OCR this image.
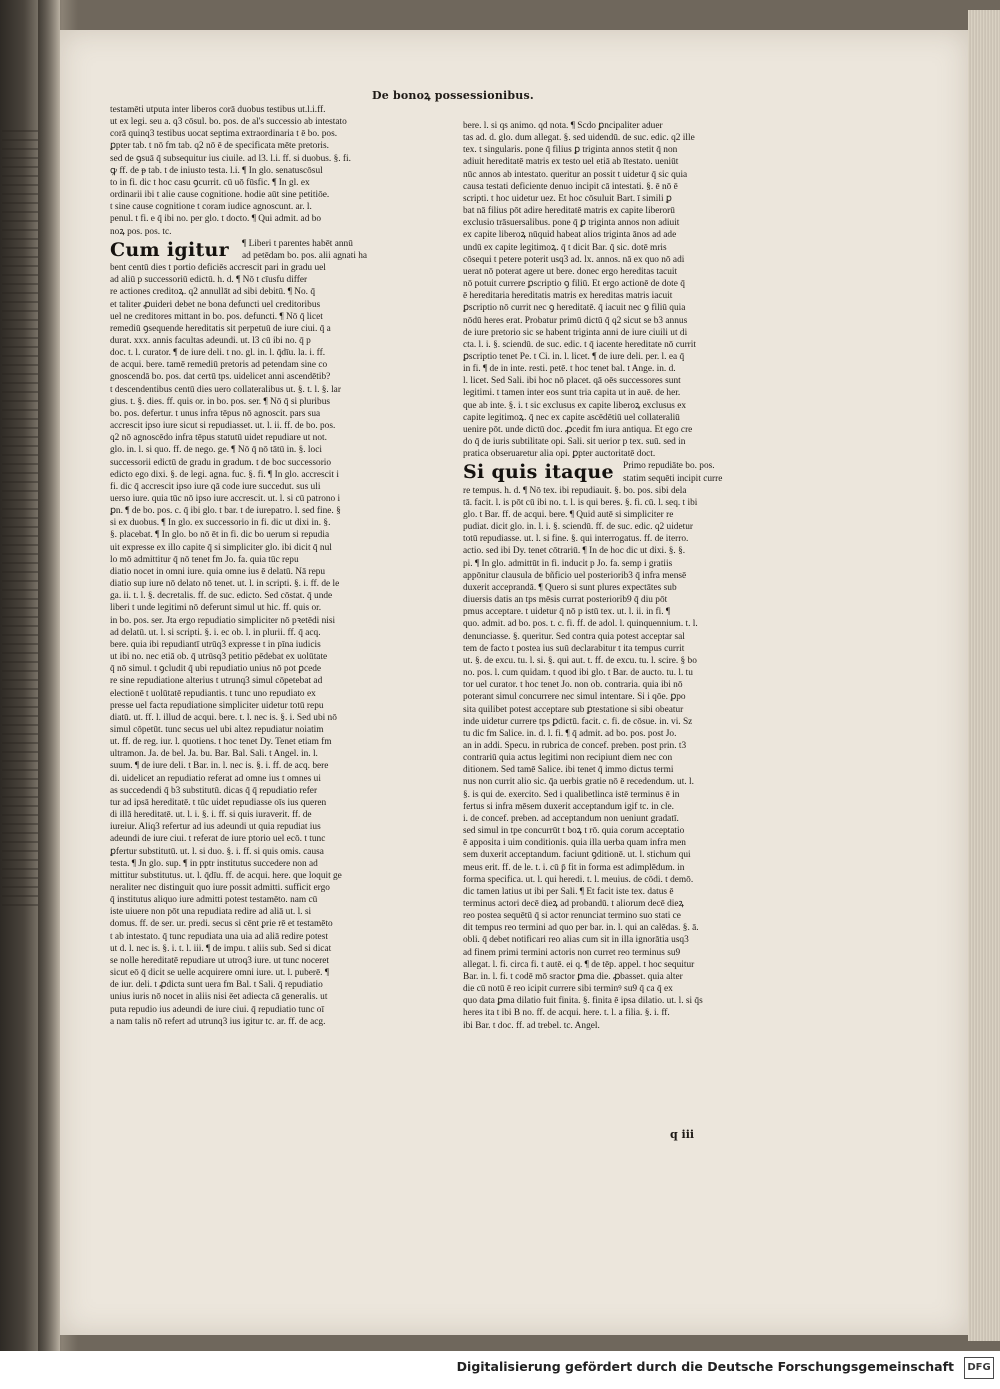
De bonoꝝ possessionibus.
testamēti utputa inter liberos corā duobus testibus ut.l.i.ff.
ut ex legi. seu a. q3 cōsul. bo. pos. de al's successio ab intestato
corā quinq3 testibus uocat septima extraordinaria t ē bo. pos.
ꝑpter tab. t nō fm tab. q2 nō ē de specificata mēte pretoris.
sed de ꝯsuā q̄ subsequitur ius ciuile. ad l3. l.i. ff. si duobus. §. fi.
ꝙ ff. de ᵽ tab. t de iniusto testa. l.i. ¶ In glo. senatuscōsul
to in fi. dic t hoc casu ꝯcurrit. cū uō fūsfic. ¶ In gl. ex
ordinarii ibi t alie cause cognitione. hodie aūt sine petitiōe.
t sine cause cognitione t coram iudice agnoscunt. ar. l.
penul. t fi. e q̄ ibi no. per glo. t docto. ¶ Qui admit. ad bo
noꝝ pos. pos. tc.
Cum igitur ¶ Liberi t parentes habēt annū
ad petēdam bo. pos. alii agnati ha
bent centū dies t portio deficiēs accrescit pari in gradu uel
ad aliū p successoriū edictū. h. d. ¶ Nō t cīusfu differ
re actiones creditoꝝ. q2 annullāt ad sibi debitū. ¶ No. q̄
et taliter ꝓuideri debet ne bona defuncti uel creditoribus
uel ne creditores mittant in bo. pos. defuncti. ¶ Nō q̄ licet
remediū ꝯsequende hereditatis sit perpetuū de iure ciui. q̄ a
durat. xxx. annis facultas adeundi. ut. l3 cū ibi no. q̄ p
doc. t. l. curator. ¶ de iure deli. t no. gl. in. l. q̄dīu. la. i. ff.
de acqui. bere. tamē remediū pretoris ad petendam sine co
gnoscendā bo. pos. dat certū tps. uidelicet anni ascendētib?
t descendentibus centū dies uero collateralibus ut. §. t. l. §. lar
gius. t. §. dies. ff. quis or. in bo. pos. ser. ¶ Nō q̄ si pluribus
bo. pos. defertur. t unus infra tēpus nō agnoscit. pars sua
accrescit ipso iure sicut si repudiasset. ut. l. ii. ff. de bo. pos.
q2 nō agnoscēdo infra tēpus statutū uidet repudiare ut not.
glo. in. l. si quo. ff. de nego. ge. ¶ Nō q̄ nō tātū in. §. loci
successorii edictū de gradu in gradum. t de boc successorio
edicto ego dixi. §. de legi. agna. fuc. §. fi. ¶ In glo. accrescit i
fi. dic q̄ accrescit ipso iure qā code iure succedut. sus uli
uerso iure. quia tūc nō ipso iure accrescit. ut. l. si cū patrono i
ꝑn. ¶ de bo. pos. c. q̄ ibi glo. t bar. t de iurepatro. l. sed fine. §
si ex duobus. ¶ In glo. ex successorio in fi. dic ut dixi in. §.
§. placebat. ¶ In glo. bo nō ēt in fi. dic bo uerum si repudia
uit expresse ex illo capite q̄ si simpliciter glo. ibi dicit q̄ nul
lo mō admittitur q̄ nō tenet fm Jo. fa. quia tūc repu
diatio nocet in omni iure. quia omne ius ē delatū. Nā repu
diatio sup iure nō delato nō tenet. ut. l. in scripti. §. i. ff. de le
ga. ii. t. l. §. decretalis. ff. de suc. edicto. Sed cōstat. q̄ unde
liberi t unde legitimi nō deferunt simul ut hic. ff. quis or.
in bo. pos. ser. Jta ergo repudiatio simpliciter nō pꝛetēdi nisi
ad delatū. ut. l. si scripti. §. i. ec ob. l. in plurii. ff. q̄ acq.
bere. quia ibi repudiantī utrūq3 expresse t in pīna iudicis
ut ibi no. nec etiā ob. q̄ utrūsq3 petitio pēdebat ex uolūtate
q̄ nō simul. t ꝯcludit q̄ ubi repudiatio unius nō pot ꝑcede
re sine repudiatione alterius t utrunq3 simul cōpetebat ad
electionē t uolūtatē repudiantis. t tunc uno repudiato ex
presse uel facta repudiatione simpliciter uidetur totū repu
diatū. ut. ff. l. illud de acqui. bere. t. l. nec is. §. i. Sed ubi nō
simul cōpetūt. tunc secus uel ubi altez repudiatur noiatim
ut. ff. de reg. iur. l. quotiens. t hoc tenet Dy. Tenet etiam fm
ultramon. Ja. de bel. Ja. bu. Bar. Bal. Sali. t Angel. in. l.
suum. ¶ de iure deli. t Bar. in. l. nec is. §. i. ff. de acq. bere
di. uidelicet an repudiatio referat ad omne ius t omnes ui
as succedendi q̄ b3 substitutū. dicas q̄ q̄ repudiatio refer
tur ad ipsā hereditatē. t tūc uidet repudiasse oīs ius queren
di illā hereditatē. ut. l. i. §. i. ff. si quis iuraverit. ff. de
iureiur. Aliq3 refertur ad ius adeundi ut quia repudiat ius
adeundi de iure ciui. t referat de iure ptorio uel ecō. t tunc
ꝑfertur substitutū. ut. l. si duo. §. i. ff. si quis omis. causa
testa. ¶ Jn glo. sup. ¶ in pptr institutus succedere non ad
mittitur substitutus. ut. l. q̄dīu. ff. de acqui. here. que loquit ge
neraliter nec distinguit quo iure possit admitti. sufficit ergo
q̄ institutus aliquo iure admitti potest testamēto. nam cū
iste uiuere non pōt una repudiata redire ad aliā ut. l. si
domus. ff. de ser. ur. predi. secus si cēnt ᵱrie rē et testamēto
t ab intestato. q̄ tunc repudiata una uia ad aliā redire potest
ut d. l. nec is. §. i. t. l. iii. ¶ de impu. t aliis sub. Sed si dicat
se nolle hereditatē repudiare ut utroq3 iure. ut tunc noceret
sicut eō q̄ dicit se uelle acquirere omni iure. ut. l. puberē. ¶
de iur. deli. t ꝓdicta sunt uera fm Bal. t Sali. q̄ repudiatio
unius iuris nō nocet in aliis nisi ēet adiecta cā generalis. ut
puta repudio ius adeundi de iure ciui. q̄ repudiatio tunc oī
a nam talis nō refert ad utrunq3 ius igitur tc. ar. ff. de acg.
bere. l. si qs animo. qd nota. ¶ Scdo ꝑncipaliter aduer
tas ad. d. glo. dum allegat. §. sed uidendū. de suc. edic. q2 ille
tex. t singularis. pone q̄ filius ꝑ triginta annos stetit q̄ non
adiuit hereditatē matris ex testo uel etiā ab ītestato. ueniūt
nūc annos ab intestato. queritur an possit t uidetur q̄ sic quia
causa testati deficiente denuo incipit cā intestati. §. ē nō ē
scripti. t hoc uidetur uez. Et hoc cōsuluit Bart. ī simili ꝑ
bat nā filius pōt adire hereditatē matris ex capite liberorū
exclusio trāsuersalibus. pone q̄ ꝑ triginta annos non adiuit
ex capite liberoꝝ nūquid habeat alios triginta ānos ad ade
undū ex capite legitimoꝝ. q̄ t dicit Bar. q̄ sic. dotē mris
cōsequi t petere poterit usq3 ad. lx. annos. nā ex quo nō adi
uerat nō poterat agere ut bere. donec ergo hereditas tacuit
nō potuit currere ꝑscriptio ꝯ filiū. Et ergo actionē de dote q̄
ē hereditaria hereditatis matris ex hereditas matris iacuit
ꝑscriptio nō currit nec ꝯ hereditatē. q̄ iacuit nec ꝯ filiū quia
nōdū heres erat. Probatur primū dictū q̄ q2 sicut se b3 annus
de iure pretorio sic se habent triginta anni de iure ciuili ut di
cta. l. i. §. sciendū. de suc. edic. t q̄ iacente hereditate nō currit
ꝑscriptio tenet Pe. t Ci. in. l. licet. ¶ de iure deli. per. l. ea q̄
in fi. ¶ de in inte. resti. petē. t hoc tenet bal. t Ange. in. d.
l. licet. Sed Sali. ibi hoc nō placet. qā oēs successores sunt
legitimi. t tamen inter eos sunt tria capita ut in auē. de her.
que ab inte. §. i. t sic exclusus ex capite liberoꝝ exclusus ex
capite legitimoꝝ. q̄ nec ex capite ascēdētiū uel collateraliū
uenire pōt. unde dictū doc. ꝓcedit fm iura antiqua. Et ego cre
do q̄ de iuris subtilitate opi. Sali. sit uerior p tex. suū. sed in
pratica obseruaretur alia opi. ꝑpter auctoritatē doct.
Si quis itaque Primo repudiāte bo. pos.
statim sequēti incipit curre
re tempus. h. d. ¶ Nō tex. ibi repudiauit. §. bo. pos. sibi dela
tā. facit. l. is pōt cū ibi no. t. l. is qui beres. §. fi. cū. l. seq. t ibi
glo. t Bar. ff. de acqui. bere. ¶ Quid autē si simpliciter re
pudiat. dicit glo. in. l. i. §. sciendū. ff. de suc. edic. q2 uidetur
totū repudiasse. ut. l. si fine. §. qui interrogatus. ff. de iterro.
actio. sed ibi Dy. tenet cōtrariū. ¶ In de hoc dic ut dixi. §. §.
pi. ¶ In glo. admittūt in fi. inducit p Jo. fa. semp i gratiis
appōnitur clausula de bñficio uel posteriorib3 q̄ infra mensē
duxerit acceprandā. ¶ Quero si sunt plures expectātes sub
diuersis datis an tps mēsis currat posteriorib9 q̄ diu pōt
pmus acceptare. t uidetur q̄ nō p istū tex. ut. l. ii. in fi. ¶
quo. admit. ad bo. pos. t. c. fi. ff. de adol. l. quinquennium. t. l.
denunciasse. §. queritur. Sed contra quia potest acceptar sal
tem de facto t postea ius suū declarabitur t ita tempus currit
ut. §. de excu. tu. l. si. §. qui aut. t. ff. de excu. tu. l. scire. § bo
no. pos. l. cum quidam. t quod ibi glo. t Bar. de aucto. tu. l. tu
tor uel curator. t hoc tenet Jo. non ob. contraria. quia ibi nō
poterant simul concurrere nec simul intentare. Si i qōe. ꝑpo
sita quilibet potest acceptare sub ꝑtestatione si sibi obeatur
inde uidetur currere tps ꝑdictū. facit. c. fi. de cōsue. in. vi. Sz
tu dic fm Salice. in. d. l. fi. ¶ q̄ admit. ad bo. pos. post Jo.
an in addi. Specu. in rubrica de concef. preben. post prin. t3
contrariū quia actus legitimi non recipiunt diem nec con
ditionem. Sed tamē Salice. ibi tenet q̄ immo dictus termi
nus non currit alio sic. q̄a uerbis gratie nō ē recedendum. ut. l.
§. is qui de. exercito. Sed i qualibetlinca istē terminus ē in
fertus si infra mēsem duxerit acceptandum igif tc. in cle.
i. de concef. preben. ad acceptandum non ueniunt gradatī.
sed simul in tpe concurrūt t boꝝ t rō. quia corum acceptatio
ē apposita i uim conditionis. quia illa uerba quam infra men
sem duxerit acceptandum. faciunt ꝯditionē. ut. l. stichum qui
meus erit. ff. de le. t. i. cū p̄ fit in forma est adimplēdum. in
forma specifica. ut. l. qui heredi. t. l. meuius. de cōdi. t demō.
dic tamen latius ut ibi per Sali. ¶ Et facit iste tex. datus ē
terminus actori decē dieꝝ ad probandū. t aliorum decē dieꝝ
reo postea sequētū q̄ si actor renunciat termino suo stati ce
dit tempus reo termini ad quo per bar. in. l. qui an calēdas. §. ā.
obli. q̄ debet notificari reo alias cum sit in illa ignorātia usq3
ad finem primi termini actoris non curret reo terminus su9
allegat. l. fi. circa fi. t autē. ei q. ¶ de tēp. appel. t hoc sequitur
Bar. in. l. fi. t codē mō sractor ꝑma die. ꝓbasset. quia alter
die cū notū ē reo icipit currere sibi terminꝰ su9 q̄ ca q̄ ex
quo data ꝑma dilatio fuit finita. §. finita ē ipsa dilatio. ut. l. si q̄s
heres ita t ibi B no. ff. de acqui. here. t. l. a filia. §. i. ff.
ibi Bar. t doc. ff. ad trebel. tc. Angel.
q iii
Digitalisierung gefördert durch die Deutsche Forschungsgemeinschaft	DFG
